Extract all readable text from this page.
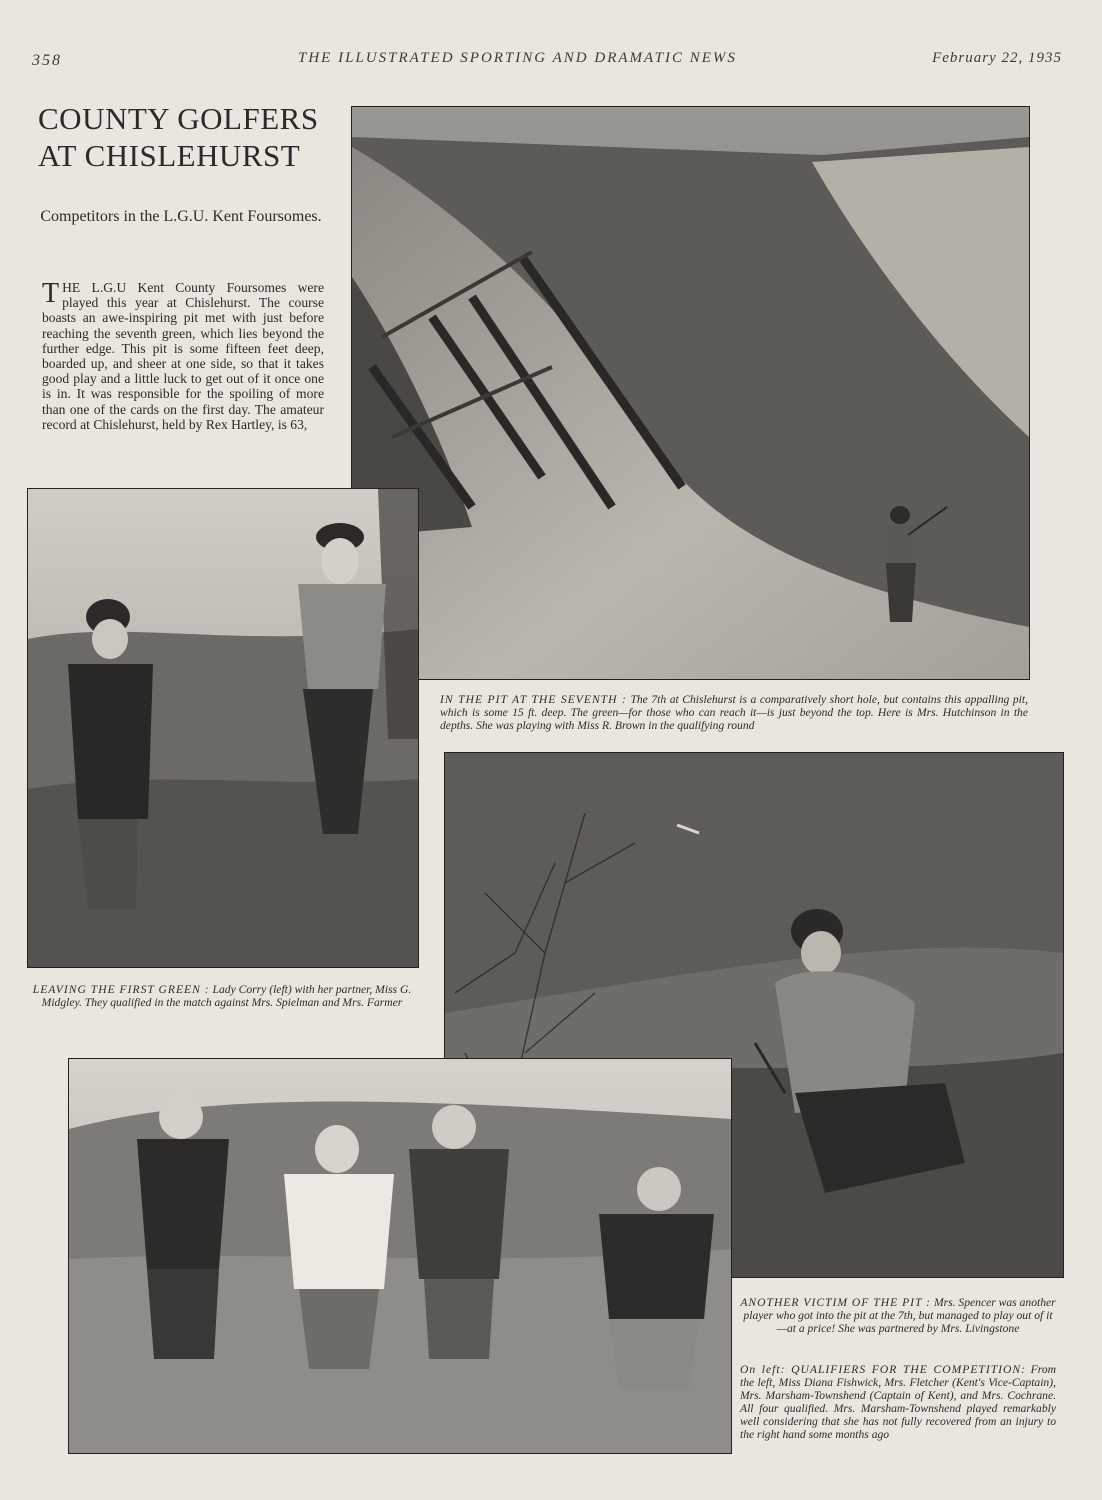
358	THE ILLUSTRATED SPORTING AND DRAMATIC NEWS	February 22, 1935
COUNTY GOLFERS
AT CHISLEHURST
Competitors in the L.G.U. Kent Foursomes.
THE L.G.U Kent County Foursomes were played this year at Chislehurst. The course boasts an awe-inspiring pit met with just before reaching the seventh green, which lies beyond the further edge. This pit is some fifteen feet deep, boarded up, and sheer at one side, so that it takes good play and a little luck to get out of it once one is in. It was responsible for the spoiling of more than one of the cards on the first day. The amateur record at Chislehurst, held by Rex Hartley, is 63,
IN THE PIT AT THE SEVENTH : The 7th at Chislehurst is a comparatively short hole, but contains this appalling pit, which is some 15 ft. deep. The green—for those who can reach it—is just beyond the top. Here is Mrs. Hutchinson in the depths. She was playing with Miss R. Brown in the qualifying round
LEAVING THE FIRST GREEN : Lady Corry (left) with her partner, Miss G. Midgley. They qualified in the match against Mrs. Spielman and Mrs. Farmer
ANOTHER VICTIM OF THE PIT : Mrs. Spencer was another player who got into the pit at the 7th, but managed to play out of it—at a price! She was partnered by Mrs. Livingstone
On left: QUALIFIERS FOR THE COMPETITION: From the left, Miss Diana Fishwick, Mrs. Fletcher (Kent's Vice-Captain), Mrs. Marsham-Townshend (Captain of Kent), and Mrs. Cochrane. All four qualified. Mrs. Marsham-Townshend played remarkably well considering that she has not fully recovered from an injury to the right hand some months ago
